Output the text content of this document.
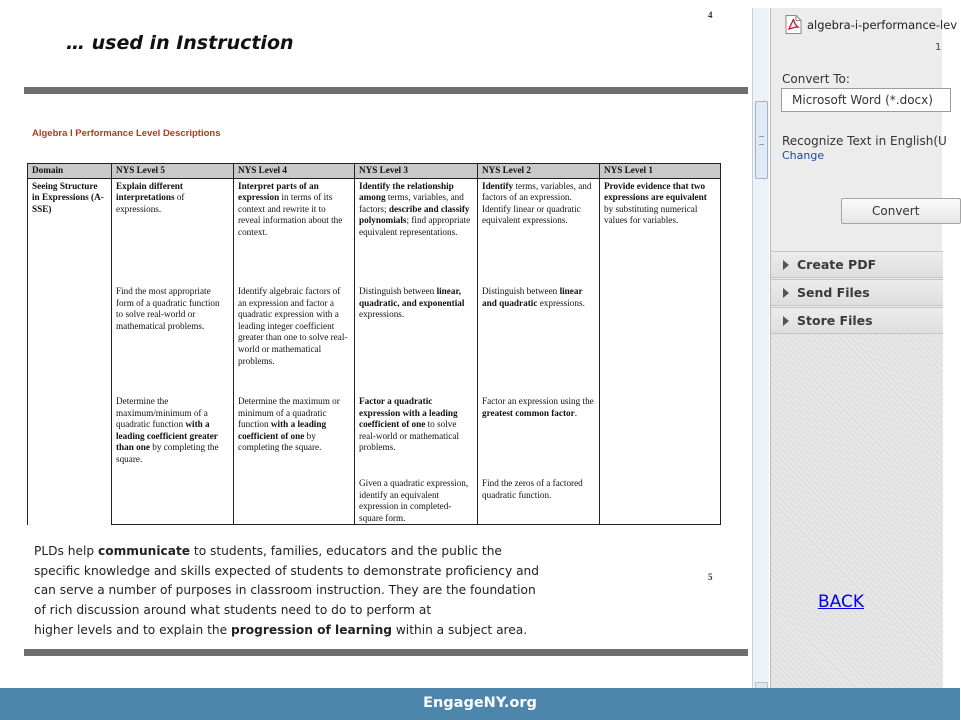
… used in Instruction
4
Algebra I Performance Level Descriptions
Domain	NYS Level 5	NYS Level 4	NYS Level 3	NYS Level 2	NYS Level 1
Seeing Structure in Expressions (A-SSE)	Explain different interpretations of expressions.	Interpret parts of an expression in terms of its context and rewrite it to reveal information about the context.	Identify the relationship among terms, variables, and factors; describe and classify polynomials; find appropriate equivalent representations.	Identify terms, variables, and factors of an expression. Identify linear or quadratic equivalent expressions.	Provide evidence that two expressions are equivalent by substituting numerical values for variables.
	Find the most appropriate form of a quadratic function to solve real-world or mathematical problems.	Identify algebraic factors of an expression and factor a quadratic expression with a leading integer coefficient greater than one to solve real-world or mathematical problems.	Distinguish between linear, quadratic, and exponential expressions.	Distinguish between linear and quadratic expressions.	
	Determine the maximum/minimum of a quadratic function with a leading coefficient greater than one by completing the square.	Determine the maximum or minimum of a quadratic function with a leading coefficient of one by completing the square.	Factor a quadratic expression with a leading coefficient of one to solve real-world or mathematical problems.	Factor an expression using the greatest common factor.	
			Given a quadratic expression, identify an equivalent expression in completed-square form.	Find the zeros of a factored quadratic function.	

PLDs help communicate to students, families, educators and the public the

specific knowledge and skills expected of students to demonstrate proficiency and

can serve a number of purposes in classroom instruction. They are the foundation

of rich discussion around what students need to do to perform at

higher levels and to explain the progression of learning within a subject area.

5
algebra-i-performance-lev
1
Convert To:
Microsoft Word (*.docx)
Recognize Text in English(U
Change
Convert
Create PDF
Send Files
Store Files
BACK
EngageNY.org
